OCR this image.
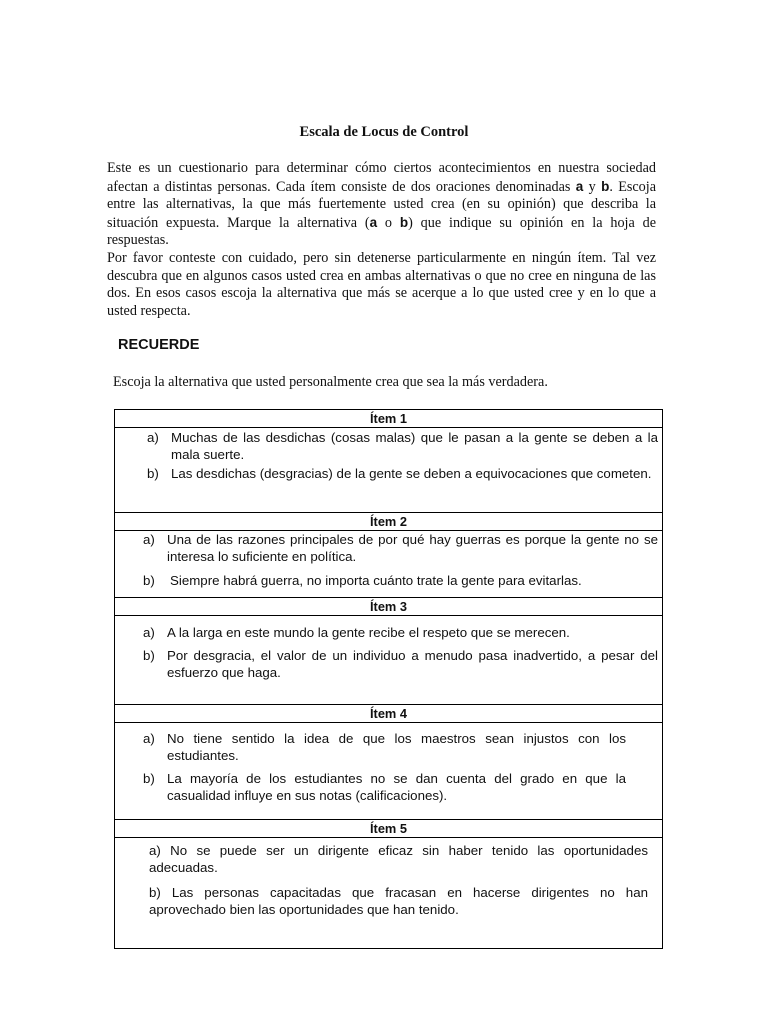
Escala de Locus de Control

Este es un cuestionario para determinar cómo ciertos acontecimientos en nuestra sociedad afectan a distintas personas. Cada ítem consiste de dos oraciones denominadas a y b. Escoja entre las alternativas, la que más fuertemente usted crea (en su opinión) que describa la situación expuesta. Marque la alternativa (a o b) que indique su opinión en la hoja de respuestas.

Por favor conteste con cuidado, pero sin detenerse particularmente en ningún ítem. Tal vez descubra que en algunos casos usted crea en ambas alternativas o que no cree en ninguna de las dos. En esos casos escoja la alternativa que más se acerque a lo que usted cree y en lo que a usted respecta.

RECUERDE
Escoja la alternativa que usted personalmente crea que sea la más verdadera.
Ítem 1
a) Muchas de las desdichas (cosas malas) que le pasan a la gente se deben a la mala suerte.
b) Las desdichas (desgracias) de la gente se deben a equivocaciones que cometen.
Ítem 2
a) Una de las razones principales de por qué hay guerras es porque la gente no se interesa lo suficiente en política.
b)	Siempre habrá guerra, no importa cuánto trate la gente para evitarlas.
Ítem 3
a) A la larga en este mundo la gente recibe el respeto que se merecen.
b) Por desgracia, el valor de un individuo a menudo pasa inadvertido, a pesar del esfuerzo que haga.
Ítem 4
a) No tiene sentido la idea de que los maestros sean injustos con los estudiantes.
b) La mayoría de los estudiantes no se dan cuenta del grado en que la casualidad influye en sus notas (calificaciones).
Ítem 5
a) No se puede ser un dirigente eficaz sin haber tenido las oportunidades adecuadas.
b) Las personas capacitadas que fracasan en hacerse dirigentes no han aprovechado bien las oportunidades que han tenido.
